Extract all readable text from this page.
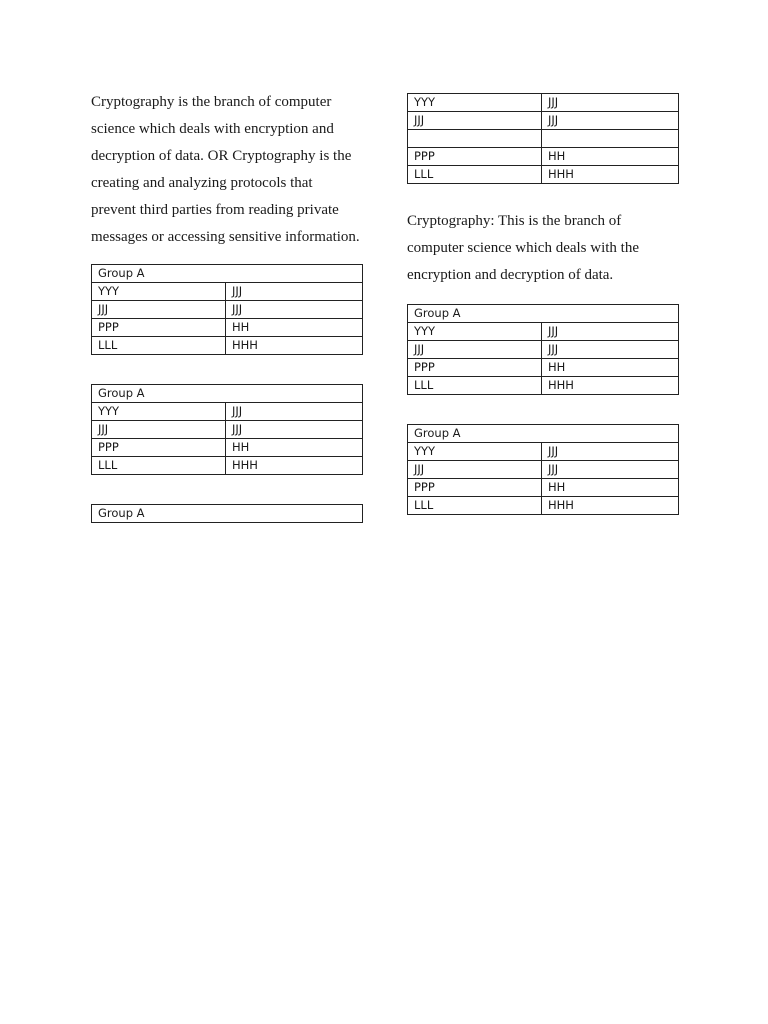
Cryptography is the branch of computer
science which deals with encryption and
decryption of data. OR Cryptography is the
creating and analyzing protocols that
prevent third parties from reading private
messages or accessing sensitive information.

Group A	
YYY	JJJ
JJJ	JJJ
PPP	HH
LLL	HHH
Group A	
YYY	JJJ
JJJ	JJJ
PPP	HH
LLL	HHH
Group A
YYY	JJJ
JJJ	JJJ

PPP	HH
LLL	HHH

Cryptography: This is the branch of
computer science which deals with the
encryption and decryption of data.

Group A	
YYY	JJJ
JJJ	JJJ
PPP	HH
LLL	HHH
Group A	
YYY	JJJ
JJJ	JJJ
PPP	HH
LLL	HHH
